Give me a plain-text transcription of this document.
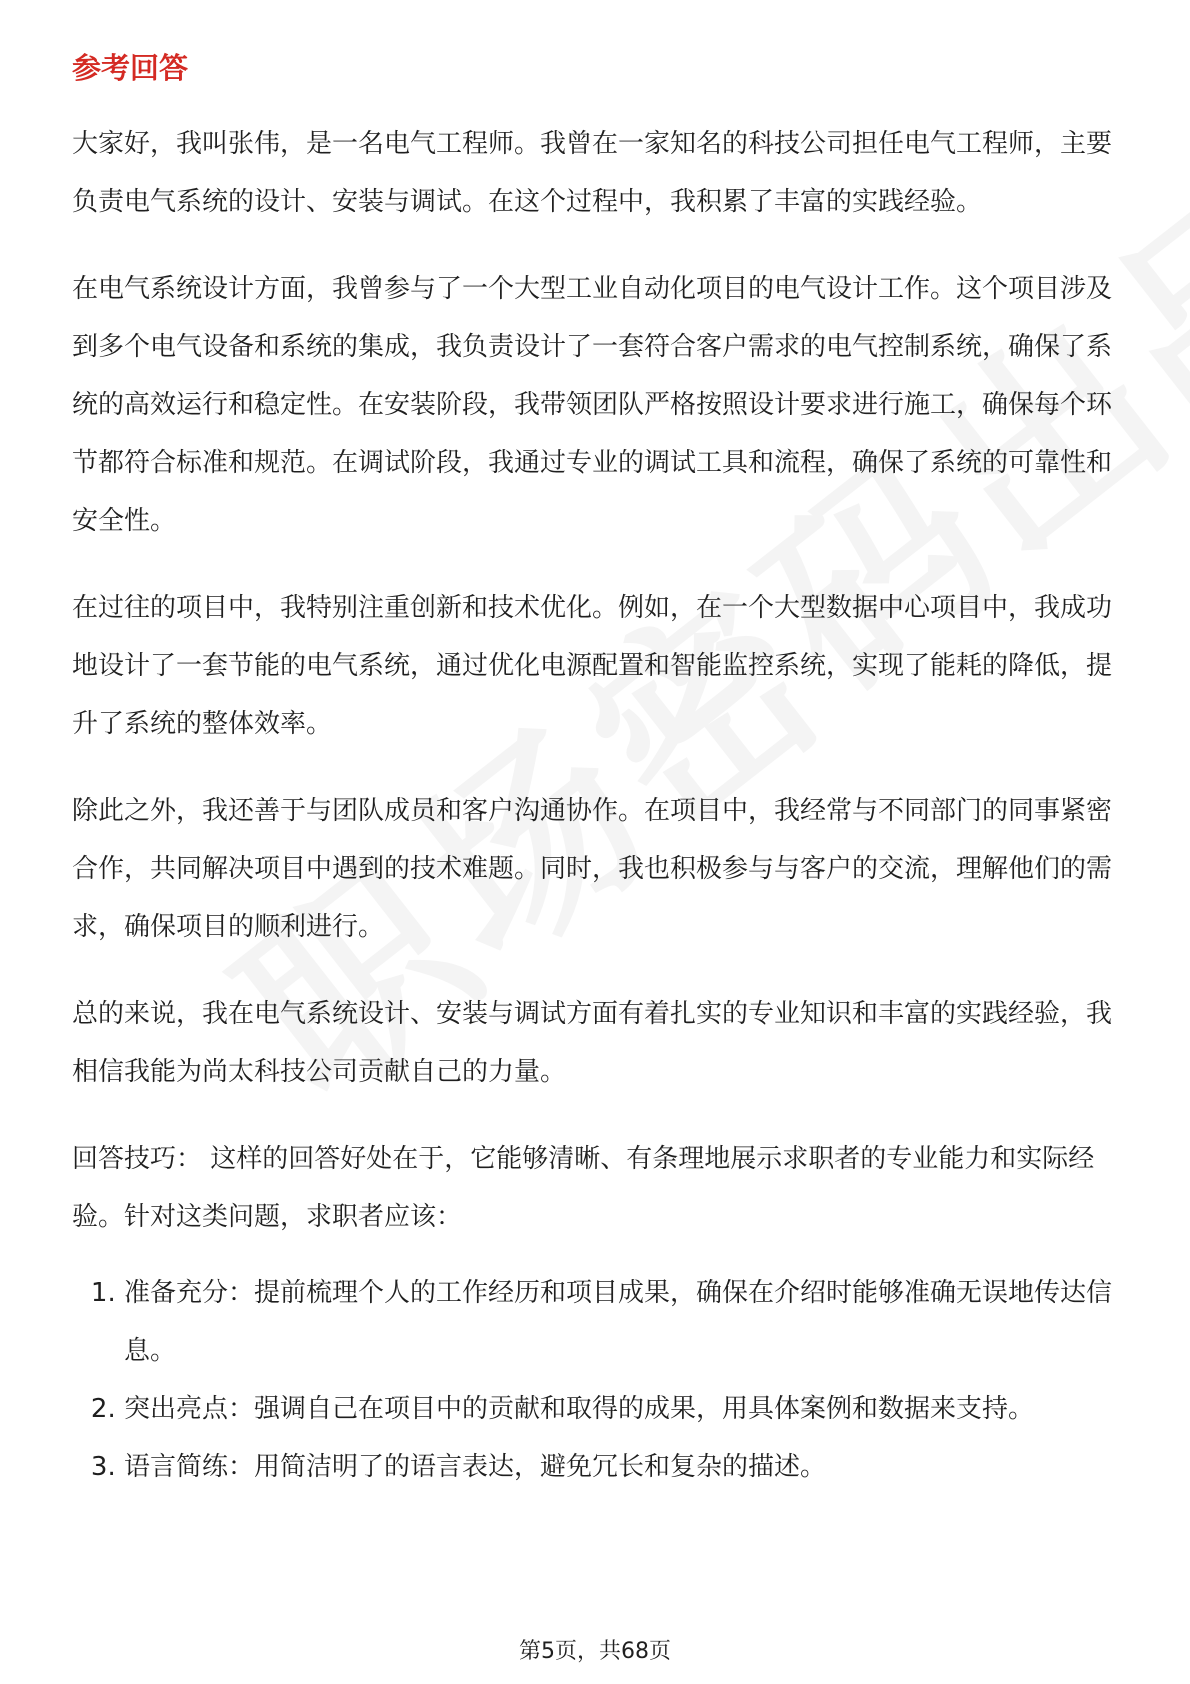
参考回答

大家好，我叫张伟，是一名电气工程师。我曾在一家知名的科技公司担任电气工程师，主要负责电气系统的设计、安装与调试。在这个过程中，我积累了丰富的实践经验。

在电气系统设计方面，我曾参与了一个大型工业自动化项目的电气设计工作。这个项目涉及到多个电气设备和系统的集成，我负责设计了一套符合客户需求的电气控制系统，确保了系统的高效运行和稳定性。在安装阶段，我带领团队严格按照设计要求进行施工，确保每个环节都符合标准和规范。在调试阶段，我通过专业的调试工具和流程，确保了系统的可靠性和安全性。

在过往的项目中，我特别注重创新和技术优化。例如，在一个大型数据中心项目中，我成功地设计了一套节能的电气系统，通过优化电源配置和智能监控系统，实现了能耗的降低，提升了系统的整体效率。

除此之外，我还善于与团队成员和客户沟通协作。在项目中，我经常与不同部门的同事紧密合作，共同解决项目中遇到的技术难题。同时，我也积极参与与客户的交流，理解他们的需求，确保项目的顺利进行。

总的来说，我在电气系统设计、安装与调试方面有着扎实的专业知识和丰富的实践经验，我相信我能为尚太科技公司贡献自己的力量。

回答技巧： 这样的回答好处在于，它能够清晰、有条理地展示求职者的专业能力和实际经验。针对这类问题，求职者应该：

1. 准备充分：提前梳理个人的工作经历和项目成果，确保在介绍时能够准确无误地传达信息。
2. 突出亮点：强调自己在项目中的贡献和取得的成果，用具体案例和数据来支持。
3. 语言简练：用简洁明了的语言表达，避免冗长和复杂的描述。
第5页，共68页
